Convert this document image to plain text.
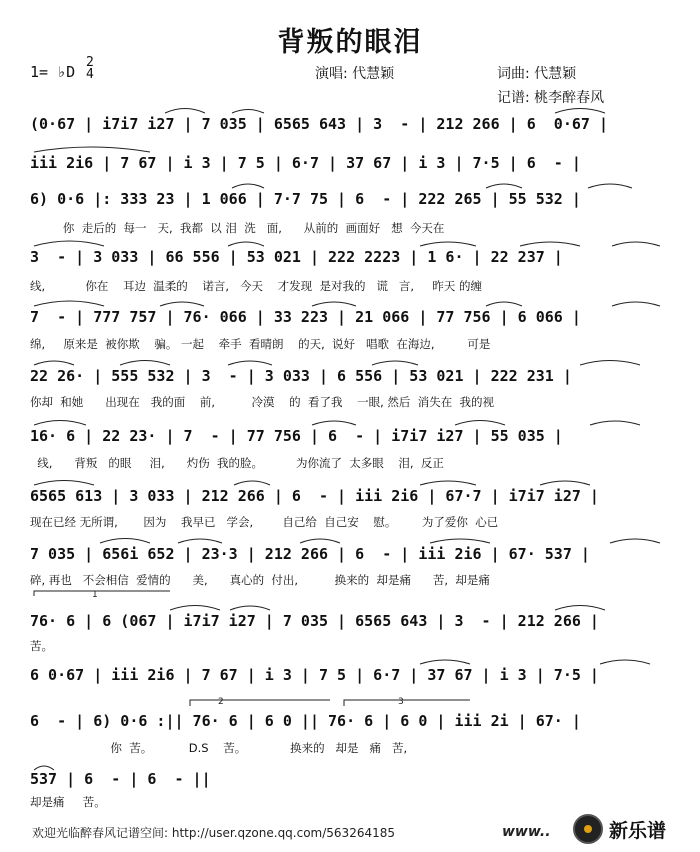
背叛的眼泪
1= ♭D
2
4	演唱: 代慧颖	词曲: 代慧颖
记谱: 桃李醉春风
(0·67 | i7i7 i27 | 7 035 | 6565 643 | 3  - | 212 266 | 6  0·67 |
iii 2i6 | 7 67 | i 3 | 7 5 | 6·7 | 37 67 | i 3 | 7·5 | 6  - |
6) 0·6 |: 333 23 | 1 066 | 7·7 75 | 6  - | 222 265 | 55 532 |
你  走后的  每一   天,  我都  以 泪  洗   面,      从前的  画面好   想  今天在
3  - | 3 033 | 66 556 | 53 021 | 222 2223 | 1 6· | 22 237 |
线,           你在    耳边  温柔的    诺言,   今天    才发现  是对我的   谎   言,     昨天 的缠
7  - | 777 757 | 76· 066 | 33 223 | 21 066 | 77 756 | 6 066 |
绵,     原来是  被你欺    骗。 一起    牵手  看晴朗    的天,  说好   唱歌  在海边,         可是
22 26· | 555 532 | 3  - | 3 033 | 6 556 | 53 021 | 222 231 |
你却  和她      出现在   我的面    前,          冷漠    的  看了我    一眼, 然后  消失在  我的视
16· 6 | 22 23· | 7  - | 77 756 | 6  - | i7i7 i27 | 55 035 |
线,      背叛   的眼     泪,      灼伤  我的脸。         为你流了  太多眼    泪,  反正
6565 613 | 3 033 | 212 266 | 6  - | iii 2i6 | 67·7 | i7i7 i27 |
现在已经 无所谓,       因为    我早已   学会,        自己给  自己安    慰。       为了爱你  心已
7 035 | 656i 652 | 23·3 | 212 266 | 6  - | iii 2i6 | 67· 537 |
碎, 再也   不会相信  爱情的      美,      真心的  付出,          换来的  却是痛      苦,  却是痛
76· 6 | 6 (067 | i7i7 i27 | 7 035 | 6565 643 | 3  - | 212 266 |
苦。
6 0·67 | iii 2i6 | 7 67 | i 3 | 7 5 | 6·7 | 37 67 | i 3 | 7·5 |
6  - | 6) 0·6 :|| 76· 6 | 6 0 || 76· 6 | 6 0 | iii 2i | 67· |
你  苦。          D.S    苦。            换来的   却是   痛   苦,
537 | 6  - | 6  - ||
却是痛     苦。
1
2	3
欢迎光临醉春风记谱空间: http://user.qzone.qq.com/563264185	www..	新乐谱
